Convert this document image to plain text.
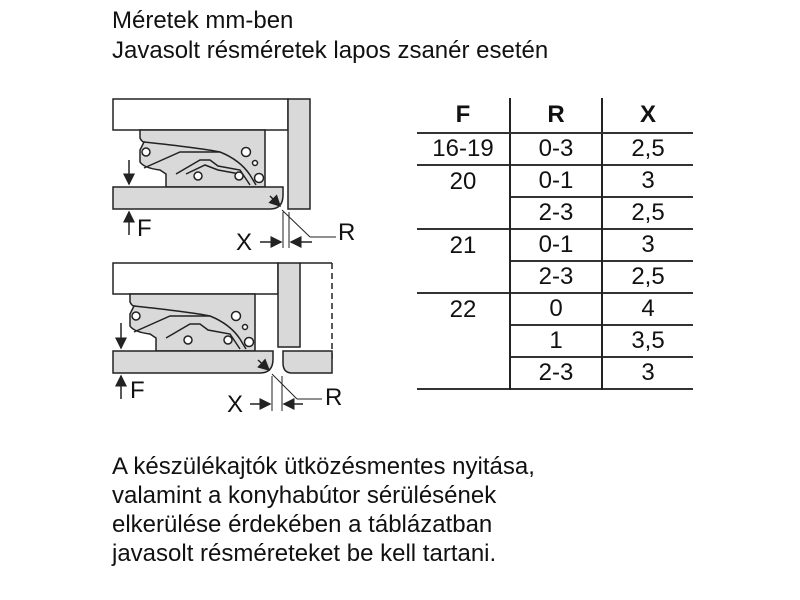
Méretek mm-ben
Javasolt résméretek lapos zsanér esetén
F
X	R
F
X	R
F	R	X
16-19	0-3	2,5
20	0-1	3
	2-3	2,5
21	0-1	3
	2-3	2,5
22	0	4
	1	3,5
	2-3	3
A készülékajtók ütközésmentes nyitása,
valamint a konyhabútor sérülésének
elkerülése érdekében a táblázatban
javasolt résméreteket be kell tartani.
